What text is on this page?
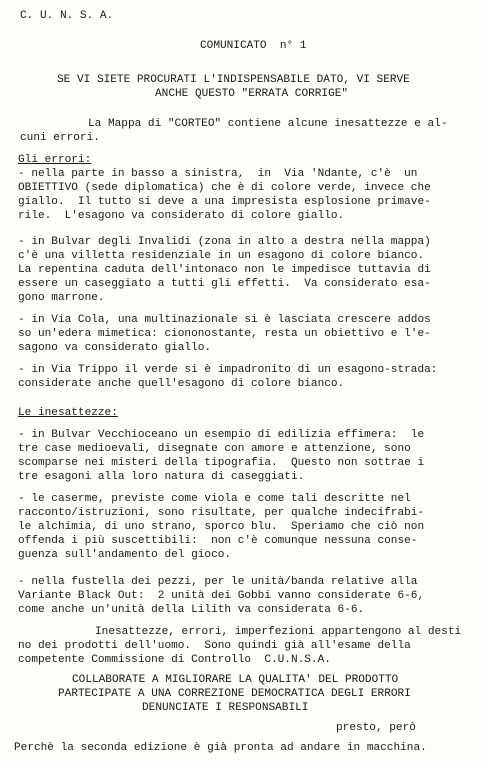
C. U. N. S. A.

COMUNICATO  n° 1

SE VI SIETE PROCURATI L'INDISPENSABILE DATO, VI SERVE

ANCHE QUESTO "ERRATA CORRIGE"

La Mappa di "CORTEO" contiene alcune inesattezze e al-

cuni errori.

Gli errori:

- nella parte in basso a sinistra,  in  Via 'Ndante, c'è  un

OBIETTIVO (sede diplomatica) che è di colore verde, invece che

giallo.  Il tutto si deve a una impresista esplosione primave-

rile.  L'esagono va considerato di colore giallo.

- in Bulvar degli Invalidi (zona in alto a destra nella mappa)

c'è una villetta residenziale in un esagono di colore bianco.

La repentina caduta dell'intonaco non le impedisce tuttavia di

essere un caseggiato a tutti gli effetti.  Va considerato esa-

gono marrone.

- in Via Cola, una multinazionale si è lasciata crescere addos

so un'edera mimetica: ciononostante, resta un obiettivo e l'e-

sagono va considerato giallo.

- in Via Trippo il verde si è impadronito di un esagono-strada:

considerate anche quell'esagono di colore bianco.

Le inesattezze:

- in Bulvar Vecchioceano un esempio di edilizia effimera:  le

tre case medioevali, disegnate con amore e attenzione, sono

scomparse nei misteri della tipografia.  Questo non sottrae i

tre esagoni alla loro natura di caseggiati.

- le caserme, previste come viola e come tali descritte nel

racconto/istruzioni, sono risultate, per qualche indecifrabi-

le alchimia, di uno strano, sporco blu.  Speriamo che ciò non

offenda i più suscettibili:  non c'è comunque nessuna conse-

guenza sull'andamento del gioco.

- nella fustella dei pezzi, per le unità/banda relative alla

Variante Black Out:  2 unità dei Gobbi vanno considerate 6-6,

come anche un'unità della Lilith va considerata 6-6.

Inesattezze, errori, imperfezioni appartengono al desti

no dei prodotti dell'uomo.  Sono quindi già all'esame della

competente Commissione di Controllo  C.U.N.S.A.

COLLABORATE A MIGLIORARE LA QUALITA' DEL PRODOTTO

PARTECIPATE A UNA CORREZIONE DEMOCRATICA DEGLI ERRORI

DENUNCIATE I RESPONSABILI

presto, però

Perchè la seconda edizione è già pronta ad andare in macchina.
